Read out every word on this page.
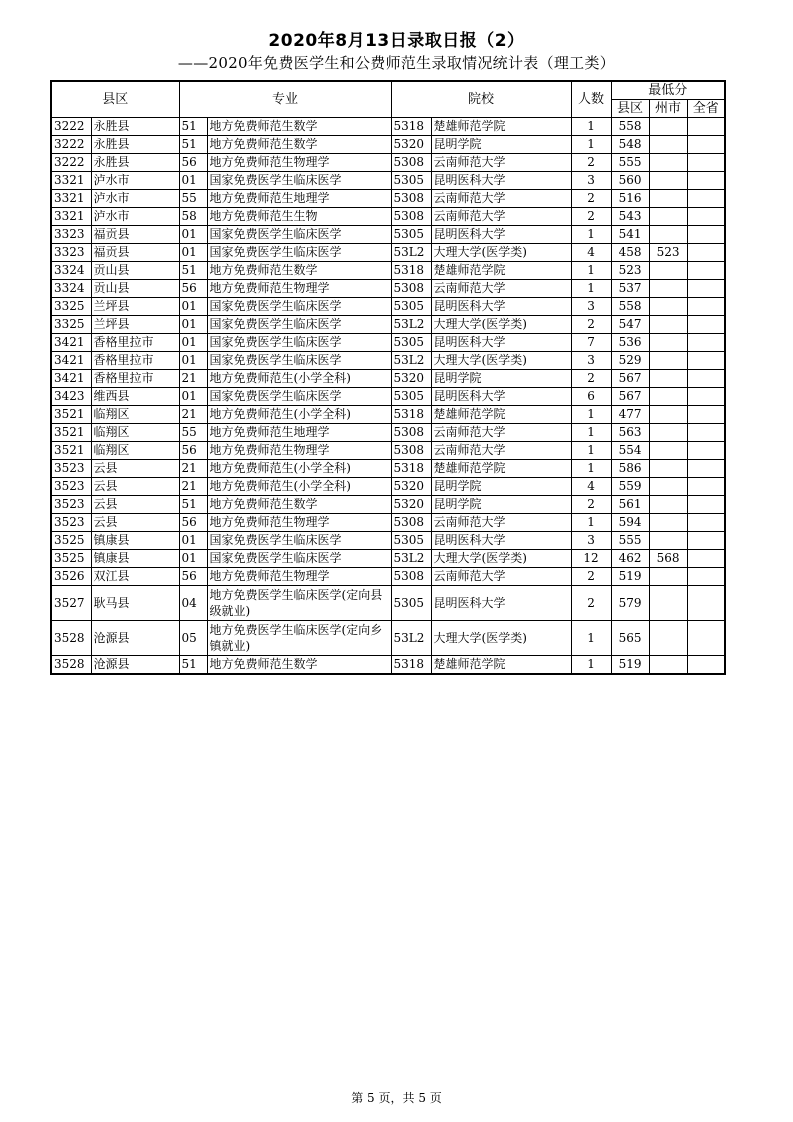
2020年8月13日录取日报（2）
——2020年免费医学生和公费师范生录取情况统计表（理工类）
县区		专业		院校		人数	最低分		
							县区	州市	全省
3222	永胜县	51	地方免费师范生数学	5318	楚雄师范学院	1	558		
3222	永胜县	51	地方免费师范生数学	5320	昆明学院	1	548		
3222	永胜县	56	地方免费师范生物理学	5308	云南师范大学	2	555		
3321	泸水市	01	国家免费医学生临床医学	5305	昆明医科大学	3	560		
3321	泸水市	55	地方免费师范生地理学	5308	云南师范大学	2	516		
3321	泸水市	58	地方免费师范生生物	5308	云南师范大学	2	543		
3323	福贡县	01	国家免费医学生临床医学	5305	昆明医科大学	1	541		
3323	福贡县	01	国家免费医学生临床医学	53L2	大理大学(医学类)	4	458	523	
3324	贡山县	51	地方免费师范生数学	5318	楚雄师范学院	1	523		
3324	贡山县	56	地方免费师范生物理学	5308	云南师范大学	1	537		
3325	兰坪县	01	国家免费医学生临床医学	5305	昆明医科大学	3	558		
3325	兰坪县	01	国家免费医学生临床医学	53L2	大理大学(医学类)	2	547		
3421	香格里拉市	01	国家免费医学生临床医学	5305	昆明医科大学	7	536		
3421	香格里拉市	01	国家免费医学生临床医学	53L2	大理大学(医学类)	3	529		
3421	香格里拉市	21	地方免费师范生(小学全科)	5320	昆明学院	2	567		
3423	维西县	01	国家免费医学生临床医学	5305	昆明医科大学	6	567		
3521	临翔区	21	地方免费师范生(小学全科)	5318	楚雄师范学院	1	477		
3521	临翔区	55	地方免费师范生地理学	5308	云南师范大学	1	563		
3521	临翔区	56	地方免费师范生物理学	5308	云南师范大学	1	554		
3523	云县	21	地方免费师范生(小学全科)	5318	楚雄师范学院	1	586		
3523	云县	21	地方免费师范生(小学全科)	5320	昆明学院	4	559		
3523	云县	51	地方免费师范生数学	5320	昆明学院	2	561		
3523	云县	56	地方免费师范生物理学	5308	云南师范大学	1	594		
3525	镇康县	01	国家免费医学生临床医学	5305	昆明医科大学	3	555		
3525	镇康县	01	国家免费医学生临床医学	53L2	大理大学(医学类)	12	462	568	
3526	双江县	56	地方免费师范生物理学	5308	云南师范大学	2	519		
3527	耿马县	04	地方免费医学生临床医学(定向县级就业)	5305	昆明医科大学	2	579		
3528	沧源县	05	地方免费医学生临床医学(定向乡镇就业)	53L2	大理大学(医学类)	1	565		
3528	沧源县	51	地方免费师范生数学	5318	楚雄师范学院	1	519		
第 5 页，共 5 页
